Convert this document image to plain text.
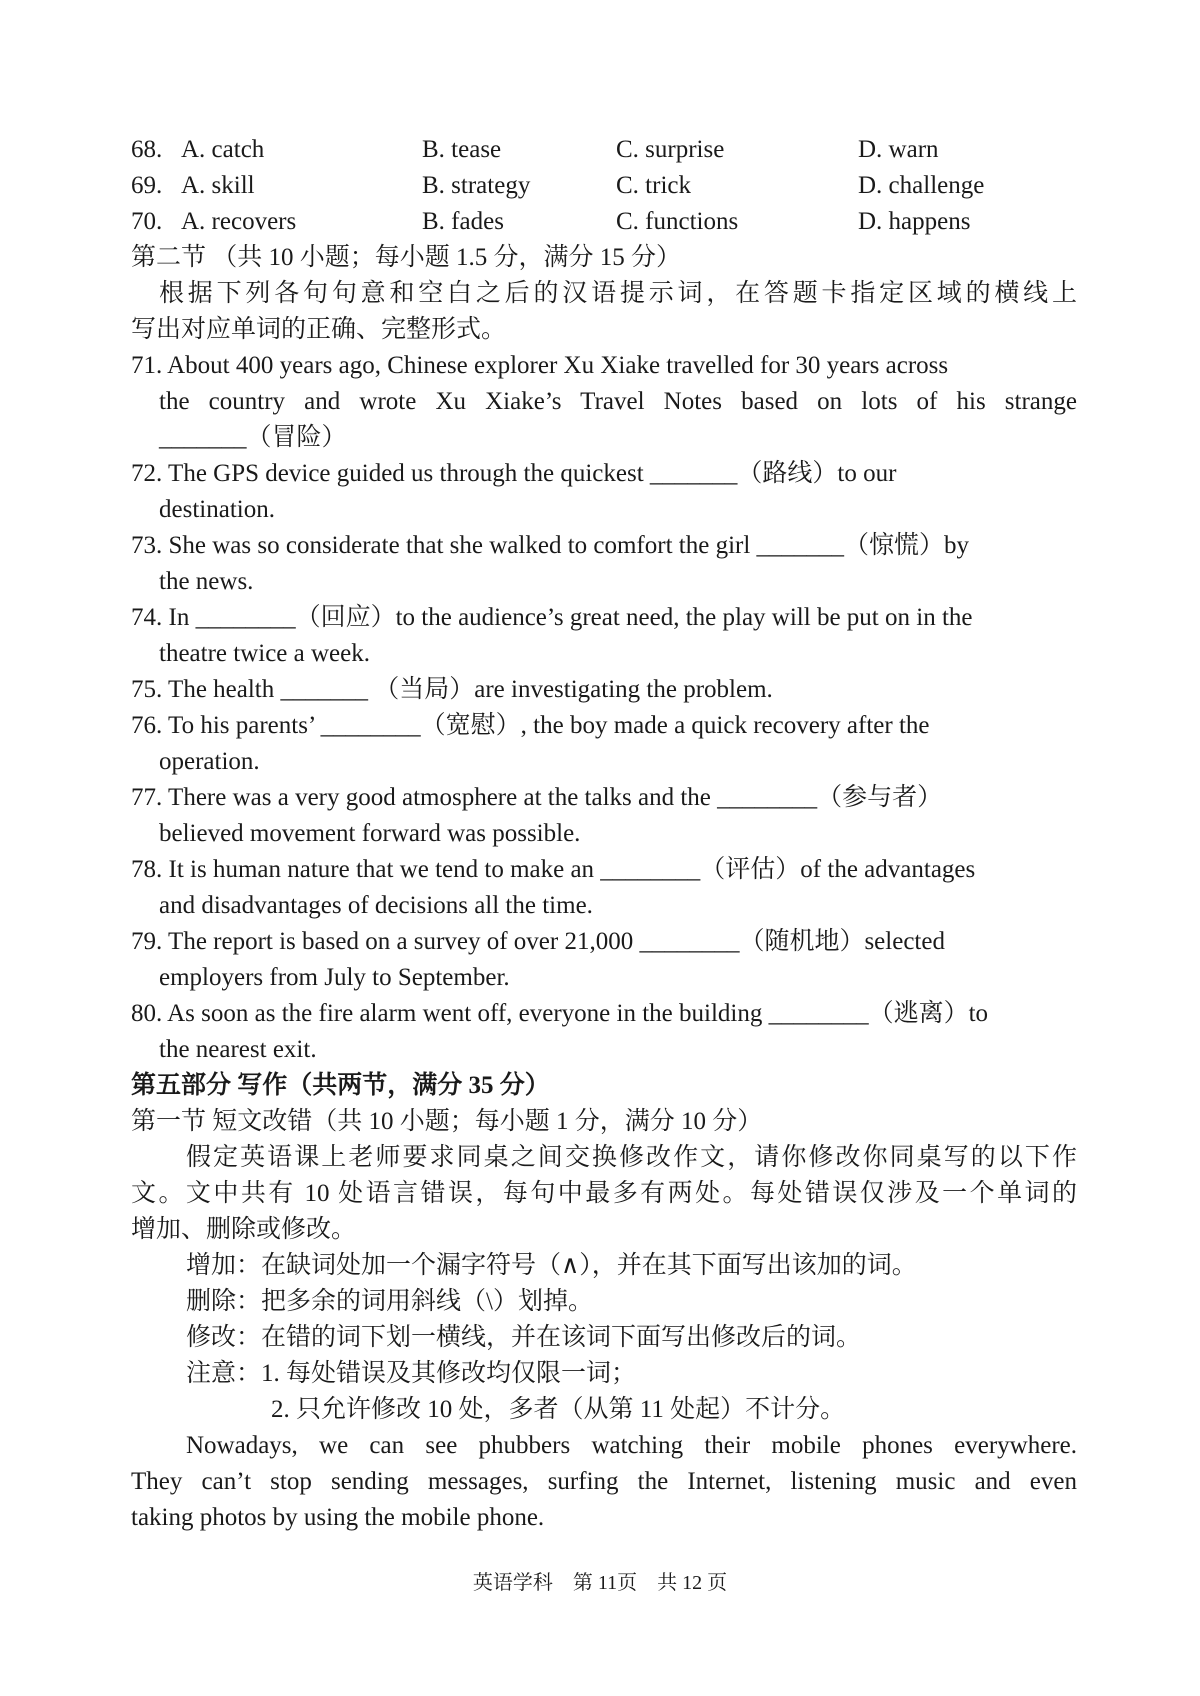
68. A. catch	B. tease	C. surprise	D. warn
69. A. skill	B. strategy	C. trick	D. challenge
70. A. recovers	B. fades	C. functions	D. happens
第二节 （共 10 小题；每小题 1.5 分，满分 15 分）
根据下列各句句意和空白之后的汉语提示词，在答题卡指定区域的横线上
写出对应单词的正确、完整形式。
71. About 400 years ago, Chinese explorer Xu Xiake travelled for 30 years across
the country and wrote Xu Xiake’s Travel Notes based on lots of his strange
_______（冒险）
72. The GPS device guided us through the quickest _______（路线）to our
destination.
73. She was so considerate that she walked to comfort the girl _______（惊慌）by
the news.
74. In ________（回应）to the audience’s great need, the play will be put on in the
theatre twice a week.
75. The health _______ （当局）are investigating the problem.
76. To his parents’ ________（宽慰）, the boy made a quick recovery after the
operation.
77. There was a very good atmosphere at the talks and the ________（参与者）
believed movement forward was possible.
78. It is human nature that we tend to make an ________（评估）of the advantages
and disadvantages of decisions all the time.
79. The report is based on a survey of over 21,000 ________（随机地）selected
employers from July to September.
80. As soon as the fire alarm went off, everyone in the building ________（逃离）to
the nearest exit.
第五部分 写作（共两节，满分 35 分）
第一节 短文改错（共 10 小题；每小题 1 分，满分 10 分）
假定英语课上老师要求同桌之间交换修改作文，请你修改你同桌写的以下作
文。文中共有 10 处语言错误，每句中最多有两处。每处错误仅涉及一个单词的
增加、删除或修改。
增加：在缺词处加一个漏字符号（∧），并在其下面写出该加的词。
删除：把多余的词用斜线（\）划掉。
修改：在错的词下划一横线，并在该词下面写出修改后的词。
注意：1. 每处错误及其修改均仅限一词；
2. 只允许修改 10 处，多者（从第 11 处起）不计分。
Nowadays, we can see phubbers watching their mobile phones everywhere.
They can’t stop sending messages, surfing the Internet, listening music and even
taking photos by using the mobile phone.
英语学科    第 11页    共 12 页
